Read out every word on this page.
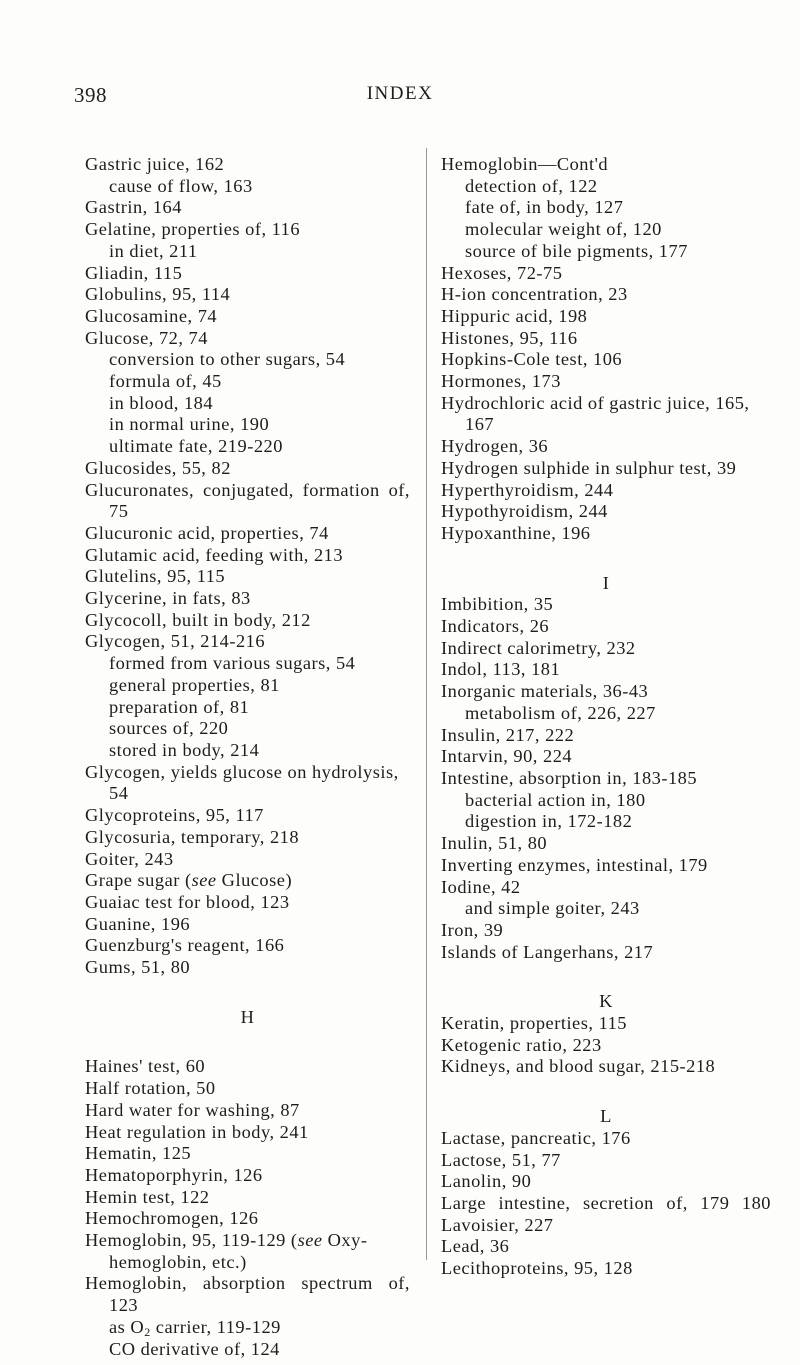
398	INDEX

Gastric juice, 162

cause of flow, 163

Gastrin, 164

Gelatine, properties of, 116

in diet, 211

Gliadin, 115

Globulins, 95, 114

Glucosamine, 74

Glucose, 72, 74

conversion to other sugars, 54

formula of, 45

in blood, 184

in normal urine, 190

ultimate fate, 219-220

Glucosides, 55, 82

Glucuronates, conjugated, formation of, 75

Glucuronic acid, properties, 74

Glutamic acid, feeding with, 213

Glutelins, 95, 115

Glycerine, in fats, 83

Glycocoll, built in body, 212

Glycogen, 51, 214-216

formed from various sugars, 54

general properties, 81

preparation of, 81

sources of, 220

stored in body, 214

Glycogen, yields glucose on hydrolysis, 54

Glycoproteins, 95, 117

Glycosuria, temporary, 218

Goiter, 243

Grape sugar (see Glucose)

Guaiac test for blood, 123

Guanine, 196

Guenzburg's reagent, 166

Gums, 51, 80

H

Haines' test, 60

Half rotation, 50

Hard water for washing, 87

Heat regulation in body, 241

Hematin, 125

Hematoporphyrin, 126

Hemin test, 122

Hemochromogen, 126

Hemoglobin, 95, 119-129 (see Oxy-hemoglobin, etc.)

Hemoglobin, absorption spectrum of, 123

as $O_2$ carrier, 119-129

CO derivative of, 124

Hemoglobin—Cont'd

detection of, 122

fate of, in body, 127

molecular weight of, 120

source of bile pigments, 177

Hexoses, 72-75

H-ion concentration, 23

Hippuric acid, 198

Histones, 95, 116

Hopkins-Cole test, 106

Hormones, 173

Hydrochloric acid of gastric juice, 165, 167

Hydrogen, 36

Hydrogen sulphide in sulphur test, 39

Hyperthyroidism, 244

Hypothyroidism, 244

Hypoxanthine, 196

I

Imbibition, 35

Indicators, 26

Indirect calorimetry, 232

Indol, 113, 181

Inorganic materials, 36-43

metabolism of, 226, 227

Insulin, 217, 222

Intarvin, 90, 224

Intestine, absorption in, 183-185

bacterial action in, 180

digestion in, 172-182

Inulin, 51, 80

Inverting enzymes, intestinal, 179

Iodine, 42

and simple goiter, 243

Iron, 39

Islands of Langerhans, 217

K

Keratin, properties, 115

Ketogenic ratio, 223

Kidneys, and blood sugar, 215-218

L

Lactase, pancreatic, 176

Lactose, 51, 77

Lanolin, 90

Large intestine, secretion of, 179 180

Lavoisier, 227

Lead, 36

Lecithoproteins, 95, 128
